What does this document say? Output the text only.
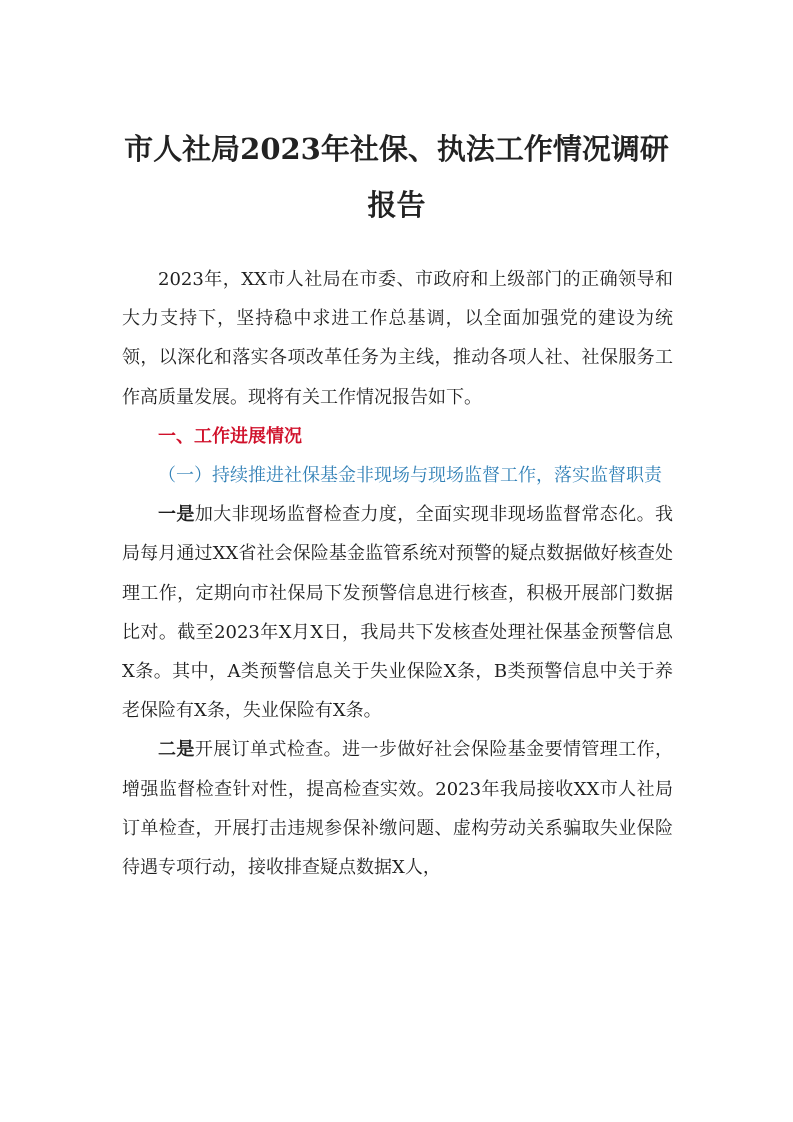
市人社局2023年社保、执法工作情况调研报告

2023年，XX市人社局在市委、市政府和上级部门的正确领导和大力支持下，坚持稳中求进工作总基调，以全面加强党的建设为统领，以深化和落实各项改革任务为主线，推动各项人社、社保服务工作高质量发展。现将有关工作情况报告如下。

一、工作进展情况

（一）持续推进社保基金非现场与现场监督工作，落实监督职责

一是加大非现场监督检查力度，全面实现非现场监督常态化。我局每月通过XX省社会保险基金监管系统对预警的疑点数据做好核查处理工作，定期向市社保局下发预警信息进行核查，积极开展部门数据比对。截至2023年X月X日，我局共下发核查处理社保基金预警信息X条。其中，A类预警信息关于失业保险X条，B类预警信息中关于养老保险有X条，失业保险有X条。

二是开展订单式检查。进一步做好社会保险基金要情管理工作，增强监督检查针对性，提高检查实效。2023年我局接收XX市人社局订单检查，开展打击违规参保补缴问题、虚构劳动关系骗取失业保险待遇专项行动，接收排查疑点数据X人，
